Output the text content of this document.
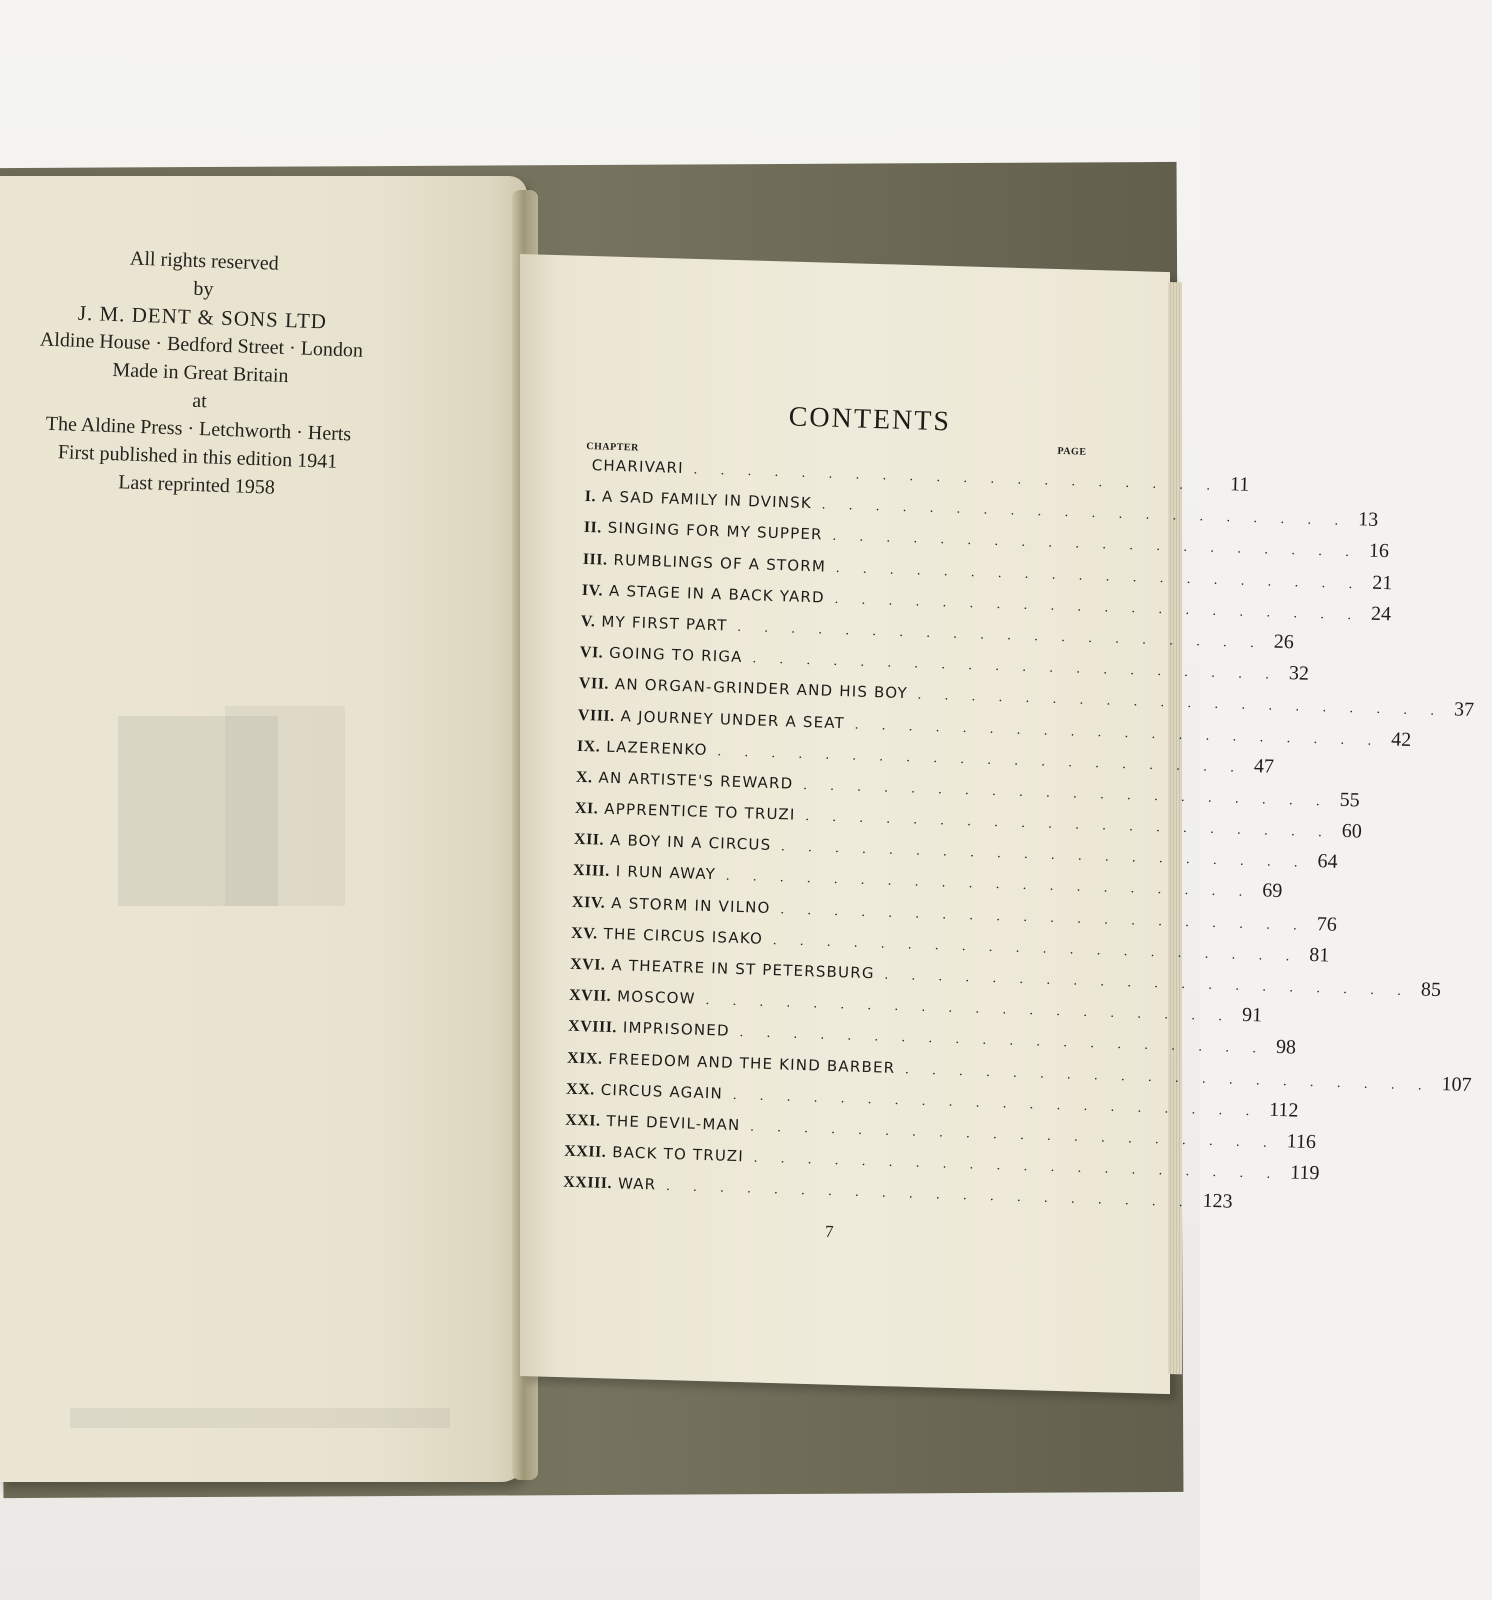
All rights reserved
by
J. M. DENT & SONS LTD
Aldine House · Bedford Street · London
Made in Great Britain
at
The Aldine Press · Letchworth · Herts
First published in this edition 1941
Last reprinted 1958
CONTENTS
CHAPTER	PAGE
CHARIVARI . . . . . . . . . . . . . . . . . . . . 11
I. A SAD FAMILY IN DVINSK . . . . . . . . . . . . . . . . . . . . 13
II. SINGING FOR MY SUPPER . . . . . . . . . . . . . . . . . . . . 16
III. RUMBLINGS OF A STORM . . . . . . . . . . . . . . . . . . . . 21
IV. A STAGE IN A BACK YARD . . . . . . . . . . . . . . . . . . . . 24
V. MY FIRST PART . . . . . . . . . . . . . . . . . . . . 26
VI. GOING TO RIGA . . . . . . . . . . . . . . . . . . . . 32
VII. AN ORGAN-GRINDER AND HIS BOY . . . . . . . . . . . . . . . . . . . . 37
VIII. A JOURNEY UNDER A SEAT . . . . . . . . . . . . . . . . . . . . 42
IX. LAZERENKO . . . . . . . . . . . . . . . . . . . . 47
X. AN ARTISTE'S REWARD . . . . . . . . . . . . . . . . . . . . 55
XI. APPRENTICE TO TRUZI . . . . . . . . . . . . . . . . . . . . 60
XII. A BOY IN A CIRCUS . . . . . . . . . . . . . . . . . . . . 64
XIII. I RUN AWAY . . . . . . . . . . . . . . . . . . . . 69
XIV. A STORM IN VILNO . . . . . . . . . . . . . . . . . . . . 76
XV. THE CIRCUS ISAKO . . . . . . . . . . . . . . . . . . . . 81
XVI. A THEATRE IN ST PETERSBURG . . . . . . . . . . . . . . . . . . . . 85
XVII. MOSCOW . . . . . . . . . . . . . . . . . . . . 91
XVIII. IMPRISONED . . . . . . . . . . . . . . . . . . . . 98
XIX. FREEDOM AND THE KIND BARBER . . . . . . . . . . . . . . . . . . . . 107
XX. CIRCUS AGAIN . . . . . . . . . . . . . . . . . . . . 112
XXI. THE DEVIL-MAN . . . . . . . . . . . . . . . . . . . . 116
XXII. BACK TO TRUZI . . . . . . . . . . . . . . . . . . . . 119
XXIII. WAR . . . . . . . . . . . . . . . . . . . . 123
7
